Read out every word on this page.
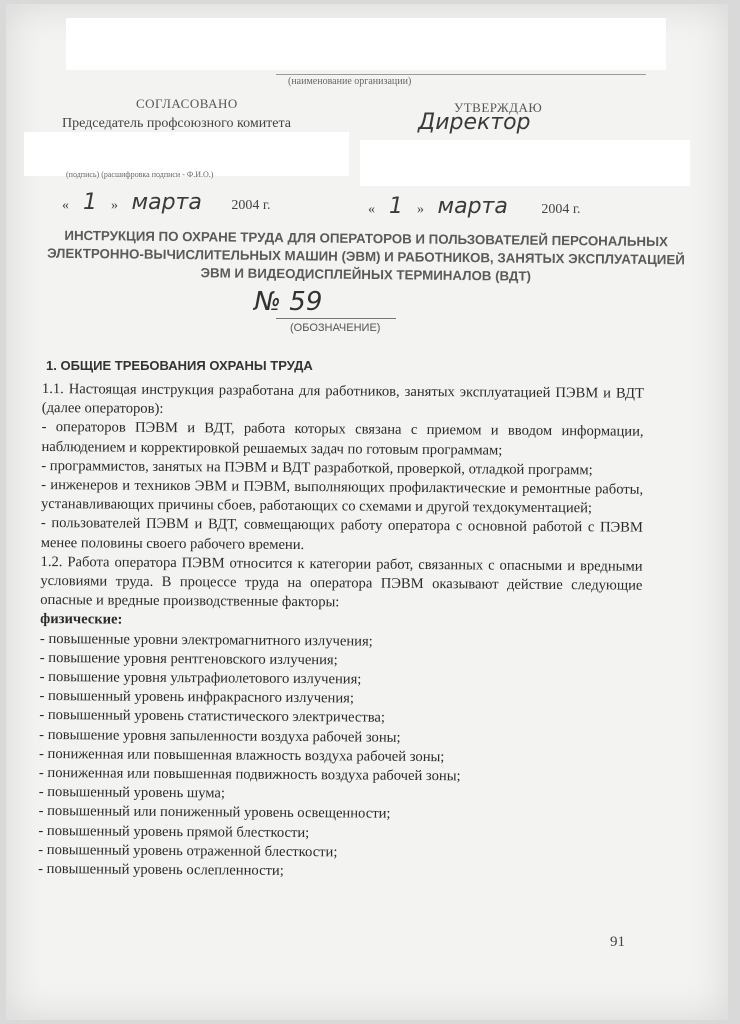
(наименование организации)
СОГЛАСОВАНО	УТВЕРЖДАЮ
Председатель профсоюзного комитета	Директор
(подпись) (расшифровка подписи - Ф.И.О.)
« 1 » марта 2004 г.	« 1 » марта 2004 г.
ИНСТРУКЦИЯ ПО ОХРАНЕ ТРУДА ДЛЯ ОПЕРАТОРОВ И ПОЛЬЗОВАТЕЛЕЙ ПЕРСОНАЛЬНЫХ ЭЛЕКТРОННО-ВЫЧИСЛИТЕЛЬНЫХ МАШИН (ЭВМ) И РАБОТНИКОВ, ЗАНЯТЫХ ЭКСПЛУАТАЦИЕЙ ЭВМ И ВИДЕОДИСПЛЕЙНЫХ ТЕРМИНАЛОВ (ВДТ)
№ 59
(ОБОЗНАЧЕНИЕ)
1. ОБЩИЕ ТРЕБОВАНИЯ ОХРАНЫ ТРУДА

1.1. Настоящая инструкция разработана для работников, занятых эксплуатацией ПЭВМ и ВДТ (далее операторов):

- операторов ПЭВМ и ВДТ, работа которых связана с приемом и вводом информации, наблюдением и корректировкой решаемых задач по готовым программам;

- программистов, занятых на ПЭВМ и ВДТ разработкой, проверкой, отладкой программ;

- инженеров и техников ЭВМ и ПЭВМ, выполняющих профилактические и ремонтные работы, устанавливающих причины сбоев, работающих со схемами и другой техдокументацией;

- пользователей ПЭВМ и ВДТ, совмещающих работу оператора с основной работой с ПЭВМ менее половины своего рабочего времени.

1.2. Работа оператора ПЭВМ относится к категории работ, связанных с опасными и вредными условиями труда. В процессе труда на оператора ПЭВМ оказывают действие следующие опасные и вредные производственные факторы:

физические:

- повышенные уровни электромагнитного излучения;

- повышение уровня рентгеновского излучения;

- повышение уровня ультрафиолетового излучения;

- повышенный уровень инфракрасного излучения;

- повышенный уровень статистического электричества;

- повышение уровня запыленности воздуха рабочей зоны;

- пониженная или повышенная влажность воздуха рабочей зоны;

- пониженная или повышенная подвижность воздуха рабочей зоны;

- повышенный уровень шума;

- повышенный или пониженный уровень освещенности;

- повышенный уровень прямой блесткости;

- повышенный уровень отраженной блесткости;

- повышенный уровень ослепленности;

91
